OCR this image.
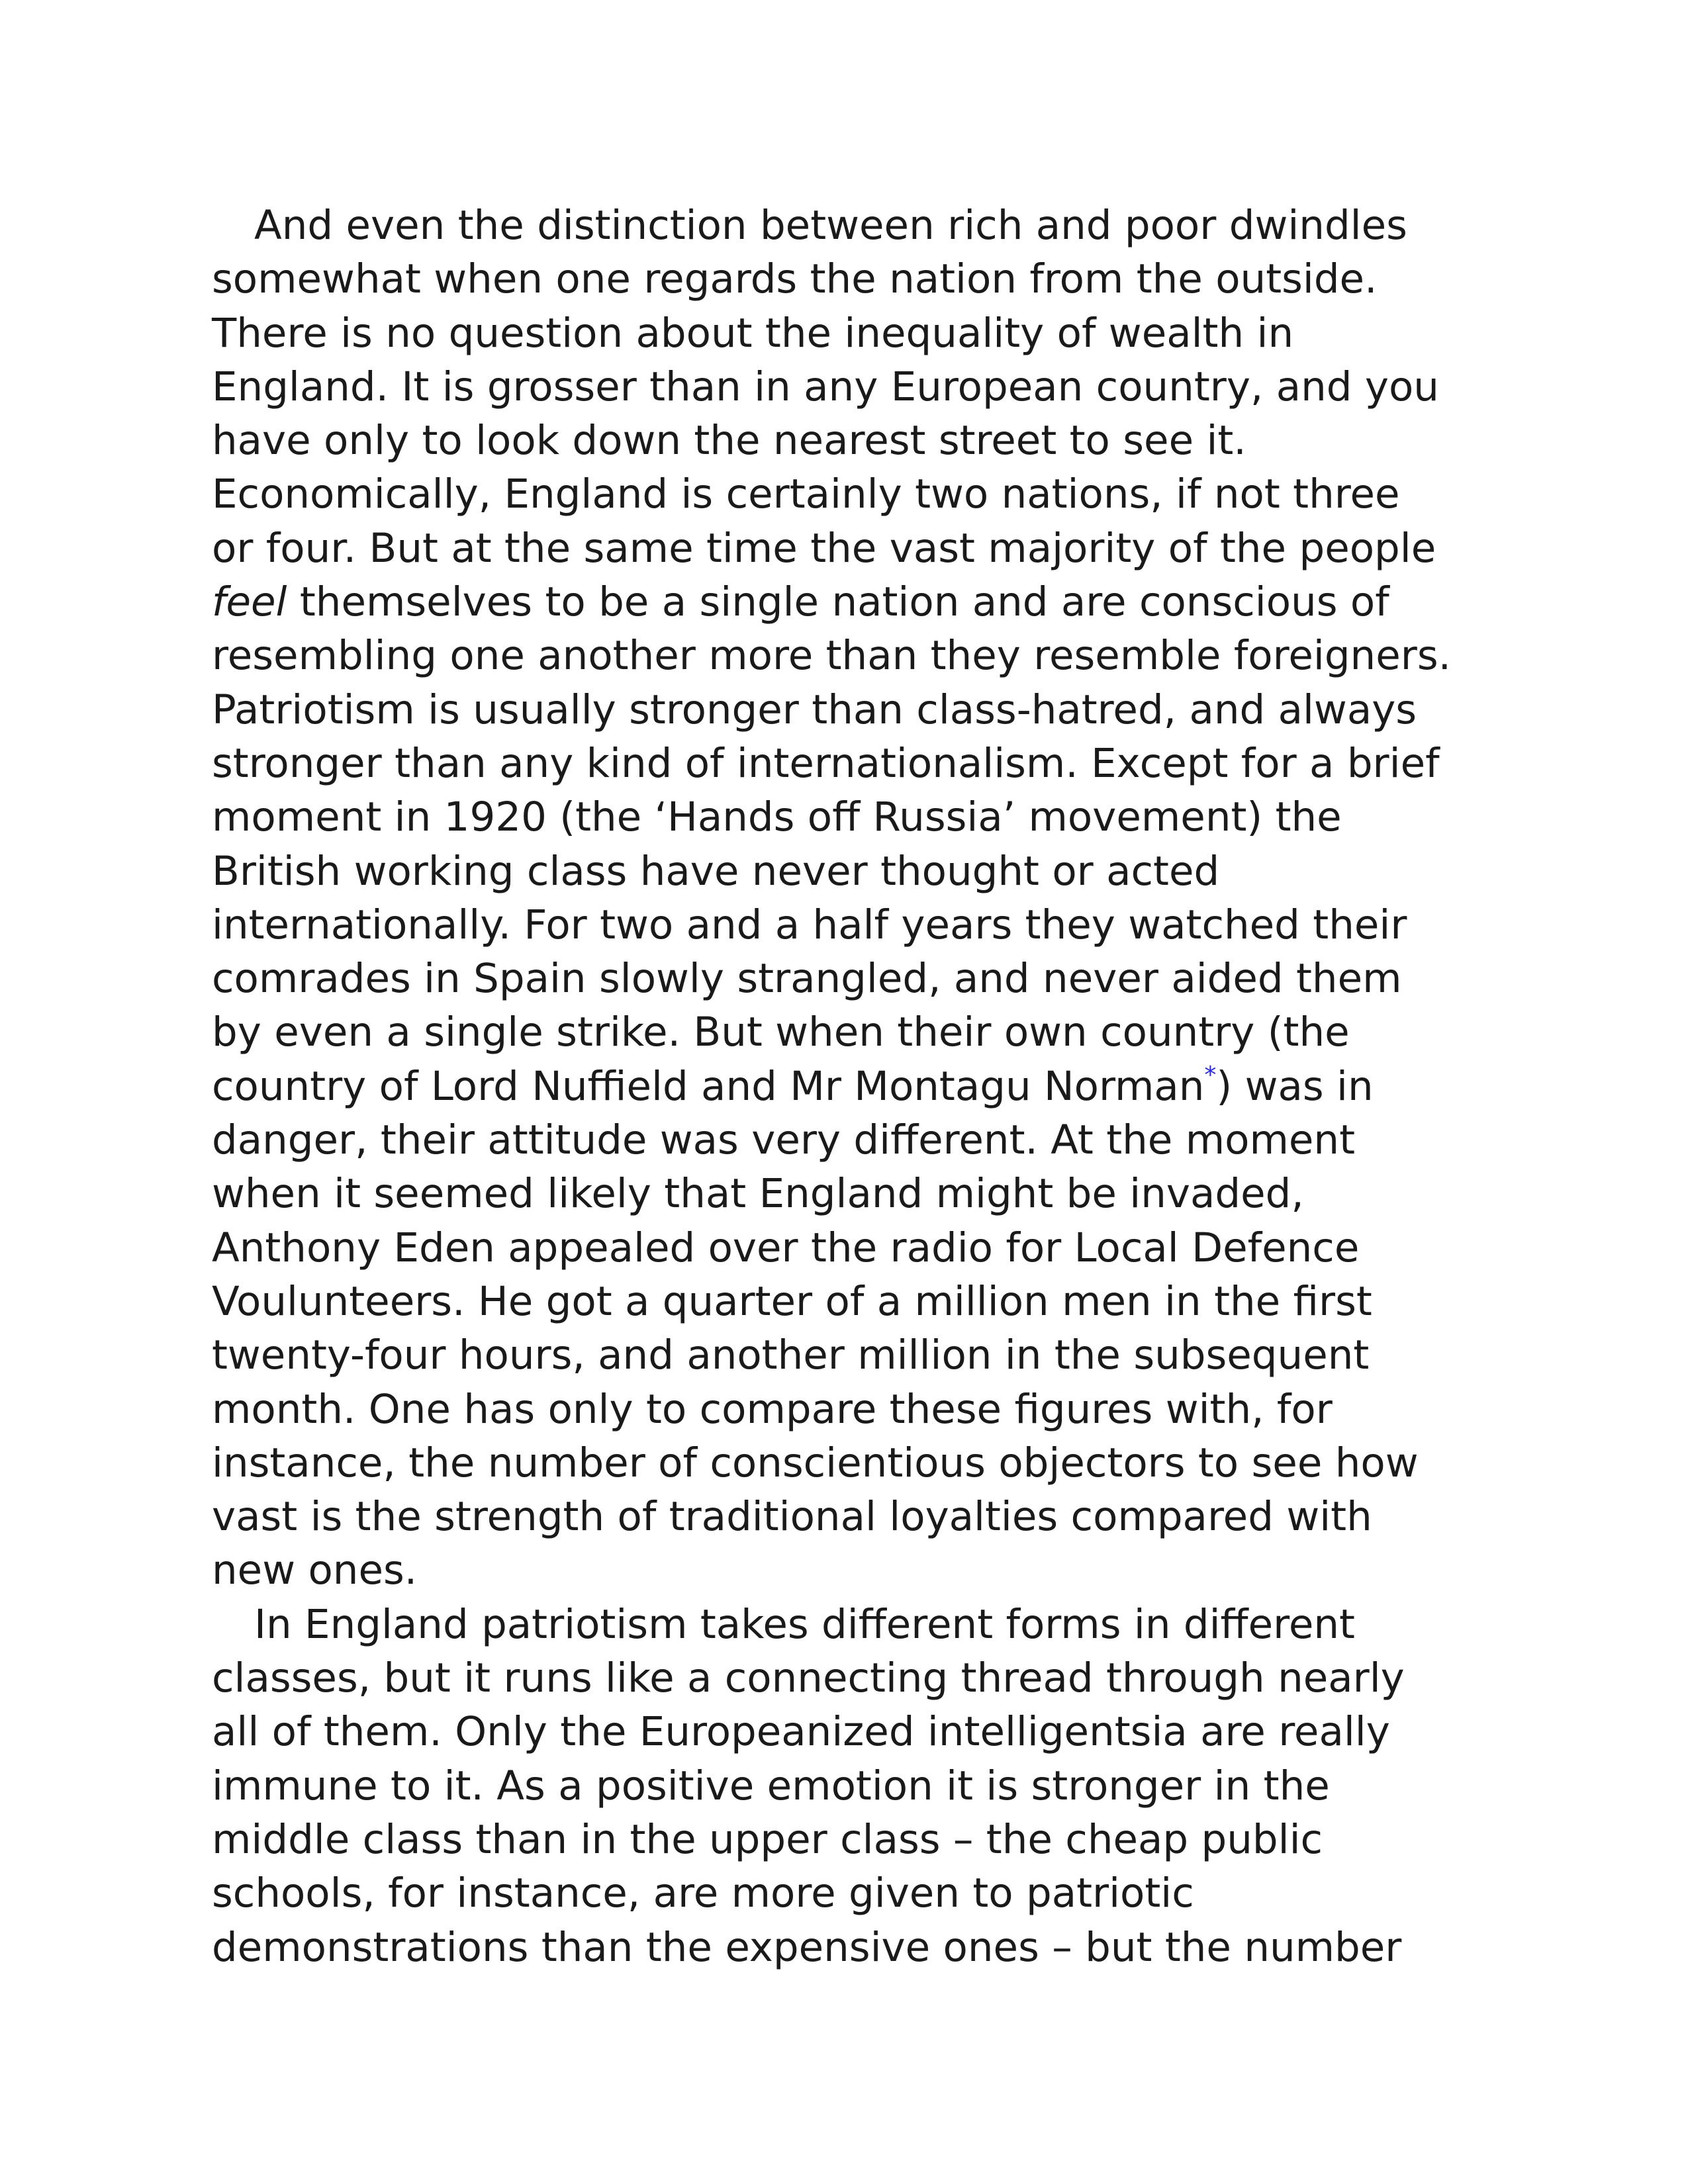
And even the distinction between rich and poor dwindles
somewhat when one regards the nation from the outside.
There is no question about the inequality of wealth in
England. It is grosser than in any European country, and you
have only to look down the nearest street to see it.
Economically, England is certainly two nations, if not three
or four. But at the same time the vast majority of the people
feel themselves to be a single nation and are conscious of
resembling one another more than they resemble foreigners.
Patriotism is usually stronger than class-hatred, and always
stronger than any kind of internationalism. Except for a brief
moment in 1920 (the ‘Hands off Russia’ movement) the
British working class have never thought or acted
internationally. For two and a half years they watched their
comrades in Spain slowly strangled, and never aided them
by even a single strike. But when their own country (the
country of Lord Nuffield and Mr Montagu Norman*) was in
danger, their attitude was very different. At the moment
when it seemed likely that England might be invaded,
Anthony Eden appealed over the radio for Local Defence
Voulunteers. He got a quarter of a million men in the first
twenty-four hours, and another million in the subsequent
month. One has only to compare these figures with, for
instance, the number of conscientious objectors to see how
vast is the strength of traditional loyalties compared with
new ones.
In England patriotism takes different forms in different
classes, but it runs like a connecting thread through nearly
all of them. Only the Europeanized intelligentsia are really
immune to it. As a positive emotion it is stronger in the
middle class than in the upper class – the cheap public
schools, for instance, are more given to patriotic
demonstrations than the expensive ones – but the number
